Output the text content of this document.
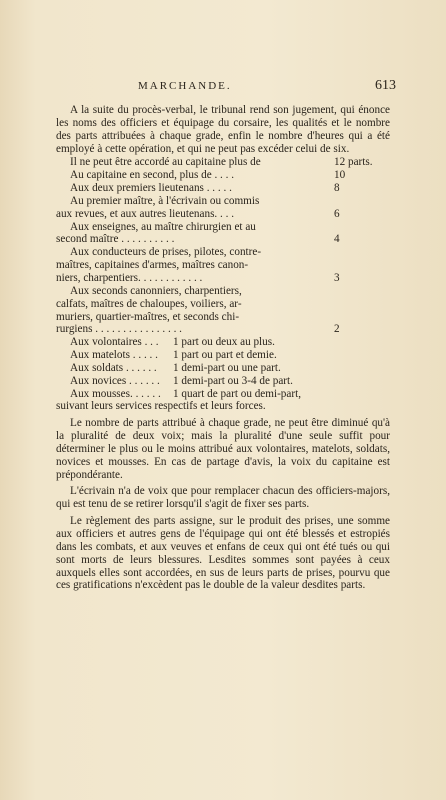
MARCHANDE.	613

A la suite du procès-verbal, le tribunal rend son jugement, qui énonce les noms des officiers et équipage du corsaire, les qualités et le nombre des parts attribuées à chaque grade, enfin le nombre d'heures qui a été employé à cette opération, et qui ne peut pas excéder celui de six.

Il ne peut être accordé au capitaine plus de	12 parts.
Au capitaine en second, plus de . . . .	10
Aux deux premiers lieutenans . . . . .	8
Au premier maître, à l'écrivain ou commis
aux revues, et aux autres lieutenans. . . .	6
Aux enseignes, au maître chirurgien et au
second maître . . . . . . . . . .	4
Aux conducteurs de prises, pilotes, contre-
maîtres, capitaines d'armes, maîtres canon-
niers, charpentiers. . . . . . . . . . . .	3
Aux seconds canonniers, charpentiers,
calfats, maîtres de chaloupes, voiliers, ar-
muriers, quartier-maîtres, et seconds chi-
rurgiens . . . . . . . . . . . . . . . .	2
Aux volontaires . . . 1 part ou deux au plus.
Aux matelots . . . . . 1 part ou part et demie.
Aux soldats . . . . . . 1 demi-part ou une part.
Aux novices . . . . . . 1 demi-part ou 3-4 de part.
Aux mousses. . . . . . 1 quart de part ou demi-part,

suivant leurs services respectifs et leurs forces.

Le nombre de parts attribué à chaque grade, ne peut être diminué qu'à la pluralité de deux voix; mais la pluralité d'une seule suffit pour déterminer le plus ou le moins attribué aux volontaires, matelots, soldats, novices et mousses. En cas de partage d'avis, la voix du capitaine est prépondérante.

L'écrivain n'a de voix que pour remplacer chacun des officiers-majors, qui est tenu de se retirer lorsqu'il s'agit de fixer ses parts.

Le règlement des parts assigne, sur le produit des prises, une somme aux officiers et autres gens de l'équipage qui ont été blessés et estropiés dans les combats, et aux veuves et enfans de ceux qui ont été tués ou qui sont morts de leurs blessures. Lesdites sommes sont payées à ceux auxquels elles sont accordées, en sus de leurs parts de prises, pourvu que ces gratifications n'excèdent pas le double de la valeur desdites parts.
